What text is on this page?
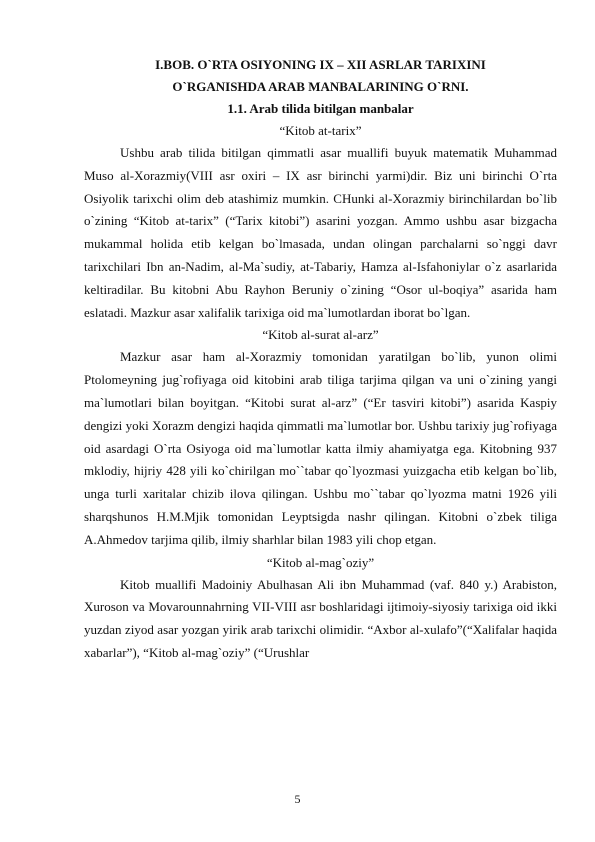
I.BOB. O`RTA OSIYONING IX – XII ASRLAR TARIXINI

O`RGANISHDA ARAB MANBALARINING O`RNI.

1.1. Arab tilida bitilgan manbalar

“Kitob at-tarix”

Ushbu arab tilida bitilgan qimmatli asar muallifi buyuk matematik Muhammad Muso al-Xorazmiy(VIII asr oxiri – IX asr birinchi yarmi)dir. Biz uni birinchi O`rta Osiyolik tarixchi olim deb atashimiz mumkin. CHunki al-Xorazmiy birinchilardan bo`lib o`zining “Kitob at-tarix” (“Tarix kitobi”) asarini yozgan. Ammo ushbu asar bizgacha mukammal holida etib kelgan bo`lmasada, undan olingan parchalarni so`nggi davr tarixchilari Ibn an-Nadim, al-Ma`sudiy, at-Tabariy, Hamza al-Isfahoniylar o`z asarlarida keltiradilar. Bu kitobni Abu Rayhon Beruniy o`zining “Osor ul-boqiya” asarida ham eslatadi. Mazkur asar xalifalik tarixiga oid ma`lumotlardan iborat bo`lgan.

“Kitob al-surat al-arz”

Mazkur asar ham al-Xorazmiy tomonidan yaratilgan bo`lib, yunon olimi Ptolomeyning jug`rofiyaga oid kitobini arab tiliga tarjima qilgan va uni o`zining yangi ma`lumotlari bilan boyitgan. “Kitobi surat al-arz” (“Er tasviri kitobi”) asarida Kaspiy dengizi yoki Xorazm dengizi haqida qimmatli ma`lumotlar bor. Ushbu tarixiy jug`rofiyaga oid asardagi O`rta Osiyoga oid ma`lumotlar katta ilmiy ahamiyatga ega. Kitobning 937 mklodiy, hijriy 428 yili ko`chirilgan mo``tabar qo`lyozmasi yuizgacha etib kelgan bo`lib, unga turli xaritalar chizib ilova qilingan. Ushbu mo``tabar qo`lyozma matni 1926 yili sharqshunos H.M.Mjik tomonidan Leyptsigda nashr qilingan. Kitobni o`zbek tiliga A.Ahmedov tarjima qilib, ilmiy sharhlar bilan 1983 yili chop etgan.

“Kitob al-mag`oziy”

Kitob muallifi Madoiniy Abulhasan Ali ibn Muhammad (vaf. 840 y.) Arabiston, Xuroson va Movarounnahrning VII-VIII asr boshlaridagi ijtimoiy-siyosiy tarixiga oid ikki yuzdan ziyod asar yozgan yirik arab tarixchi olimidir. “Axbor al-xulafo”(“Xalifalar haqida xabarlar”), “Kitob al-mag`oziy” (“Urushlar

5
